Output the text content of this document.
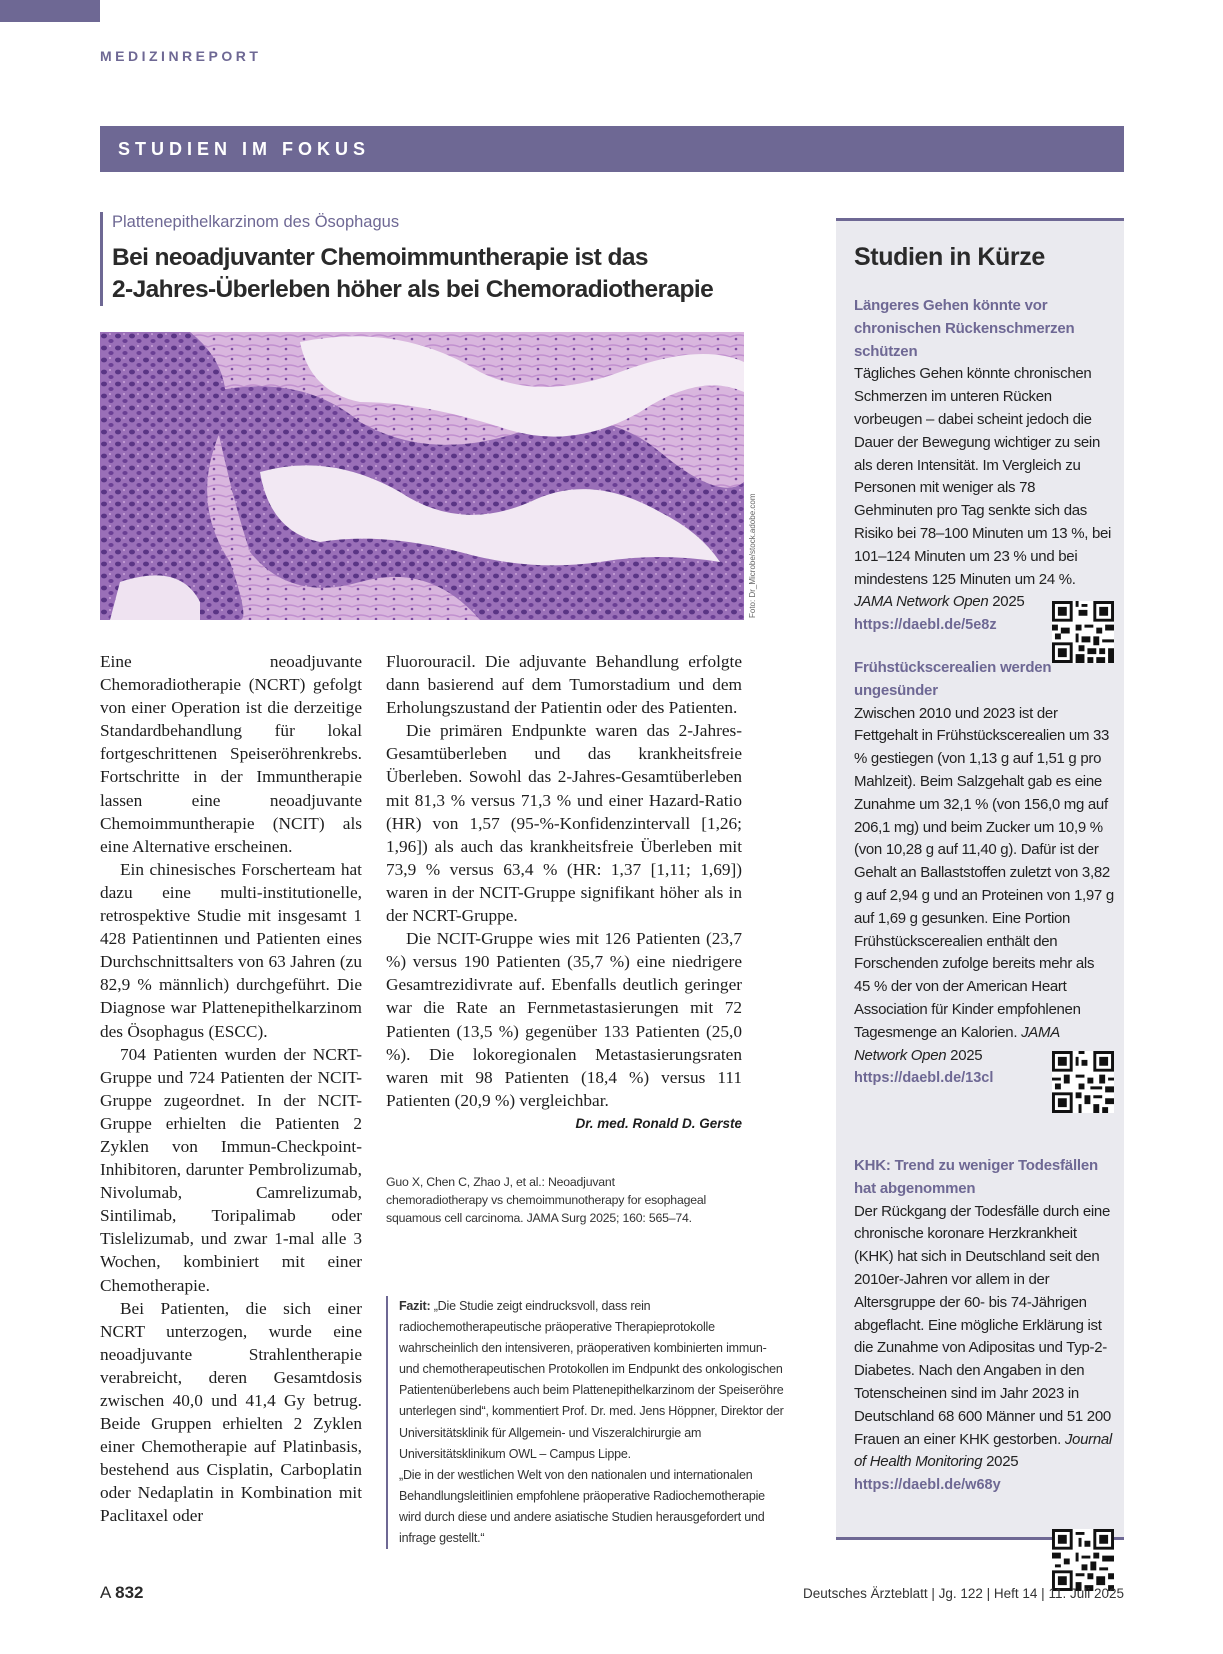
MEDIZINREPORT
STUDIEN IM FOKUS

Plattenepithelkarzinom des Ösophagus

Bei neoadjuvanter Chemoimmuntherapie ist das
2-Jahres-Überleben höher als bei Chemoradiotherapie
Foto: Dr_Microbe/stock.adobe.com

Eine neoadjuvante Chemoradiotherapie (NCRT) gefolgt von einer Operation ist die derzeitige Standardbehandlung für lokal fortgeschrittenen Speiseröhrenkrebs. Fortschritte in der Immuntherapie lassen eine neoadjuvante Chemoimmuntherapie (NCIT) als eine Alternative erscheinen.

Ein chinesisches Forscherteam hat dazu eine multi-institutionelle, retrospektive Studie mit insgesamt 1 428 Patientinnen und Patienten eines Durchschnittsalters von 63 Jahren (zu 82,9 % männlich) durchgeführt. Die Diagnose war Plattenepithelkarzinom des Ösophagus (ESCC).

704 Patienten wurden der NCRT-Gruppe und 724 Patienten der NCIT-Gruppe zugeordnet. In der NCIT-Gruppe erhielten die Patienten 2 Zyklen von Immun-Checkpoint-Inhibitoren, darunter Pembrolizumab, Nivolumab, Camrelizumab, Sintilimab, Toripalimab oder Tislelizumab, und zwar 1-mal alle 3 Wochen, kombiniert mit einer Chemotherapie.

Bei Patienten, die sich einer NCRT unterzogen, wurde eine neoadjuvante Strahlentherapie verabreicht, deren Gesamtdosis zwischen 40,0 und 41,4 Gy betrug. Beide Gruppen erhielten 2 Zyklen einer Chemotherapie auf Platinbasis, bestehend aus Cisplatin, Carboplatin oder Nedaplatin in Kombination mit Paclitaxel oder

Fluorouracil. Die adjuvante Behandlung erfolgte dann basierend auf dem Tumorstadium und dem Erholungszustand der Patientin oder des Patienten.

Die primären Endpunkte waren das 2-Jahres-Gesamtüberleben und das krankheitsfreie Überleben. Sowohl das 2-Jahres-Gesamtüberleben mit 81,3 % versus 71,3 % und einer Hazard-Ratio (HR) von 1,57 (95-%-Konfidenzintervall [1,26; 1,96]) als auch das krankheitsfreie Überleben mit 73,9 % versus 63,4 % (HR: 1,37 [1,11; 1,69]) waren in der NCIT-Gruppe signifikant höher als in der NCRT-Gruppe.

Die NCIT-Gruppe wies mit 126 Patienten (23,7 %) versus 190 Patienten (35,7 %) eine niedrigere Gesamtrezidivrate auf. Ebenfalls deutlich geringer war die Rate an Fernmetastasierungen mit 72 Patienten (13,5 %) gegenüber 133 Patienten (25,0 %). Die lokoregionalen Metastasierungsraten waren mit 98 Patienten (18,4 %) versus 111 Patienten (20,9 %) vergleichbar.
Dr. med. Ronald D. Gerste

Guo X, Chen C, Zhao J, et al.: Neoadjuvant chemoradiotherapy vs chemoimmunotherapy for esophageal squamous cell carcinoma. JAMA Surg 2025; 160: 565–74.

Fazit: „Die Studie zeigt eindrucksvoll, dass rein radiochemotherapeutische präoperative Therapieprotokolle wahrscheinlich den intensiveren, präoperativen kombinierten immun- und chemotherapeutischen Protokollen im Endpunkt des onkologischen Patientenüberlebens auch beim Plattenepithelkarzinom der Speiseröhre unterlegen sind“, kommentiert Prof. Dr. med. Jens Höppner, Direktor der Universitätsklinik für Allgemein- und Viszeralchirurgie am Universitätsklinikum OWL – Campus Lippe.

„Die in der westlichen Welt von den nationalen und internationalen Behandlungsleitlinien empfohlene präoperative Radiochemotherapie wird durch diese und andere asiatische Studien herausgefordert und infrage gestellt.“

Studien in Kürze
Längeres Gehen könnte vor chronischen Rückenschmerzen schützen
Tägliches Gehen könnte chronischen Schmerzen im unteren Rücken vorbeugen – dabei scheint jedoch die Dauer der Bewegung wichtiger zu sein als deren Intensität. Im Vergleich zu Personen mit weniger als 78 Gehminuten pro Tag senkte sich das Risiko bei 78–100 Minuten um 13 %, bei 101–124 Minuten um 23 % und bei mindestens 125 Minuten um 24 %. JAMA Network Open 2025
https://daebl.de/5e8z
Frühstückscerealien werden ungesünder
Zwischen 2010 und 2023 ist der Fettgehalt in Frühstückscerealien um 33 % gestiegen (von 1,13 g auf 1,51 g pro Mahlzeit). Beim Salzgehalt gab es eine Zunahme um 32,1 % (von 156,0 mg auf 206,1 mg) und beim Zucker um 10,9 % (von 10,28 g auf 11,40 g). Dafür ist der Gehalt an Ballaststoffen zuletzt von 3,82 g auf 2,94 g und an Proteinen von 1,97 g auf 1,69 g gesunken. Eine Portion Frühstückscerealien enthält den Forschenden zufolge bereits mehr als 45 % der von der American Heart Association für Kinder empfohlenen Tagesmenge an Kalorien. JAMA Network Open 2025
https://daebl.de/13cl
KHK: Trend zu weniger Todesfällen hat abgenommen
Der Rückgang der Todesfälle durch eine chronische koronare Herzkrankheit (KHK) hat sich in Deutschland seit den 2010er-Jahren vor allem in der Altersgruppe der 60- bis 74-Jährigen abgeflacht. Eine mögliche Erklärung ist die Zunahme von Adipositas und Typ-2-Diabetes. Nach den Angaben in den Totenscheinen sind im Jahr 2023 in Deutschland 68 600 Männer und 51 200 Frauen an einer KHK gestorben. Journal of Health Monitoring 2025
https://daebl.de/w68y
A 832	Deutsches Ärzteblatt | Jg. 122 | Heft 14 | 11. Juli 2025
